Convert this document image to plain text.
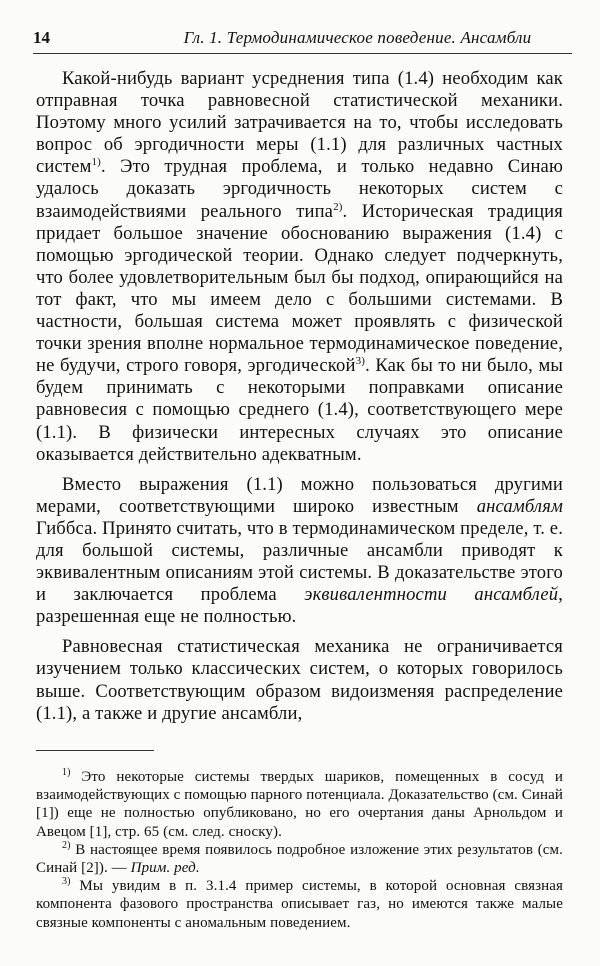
14	Гл. 1. Термодинамическое поведение. Ансамбли

Какой-нибудь вариант усреднения типа (1.4) необходим как отправная точка равновесной статистической механики. Поэтому много усилий затрачивается на то, чтобы исследовать вопрос об эргодичности меры (1.1) для различных частных систем$^{1)}$. Это трудная проблема, и только недавно Синаю удалось доказать эргодичность некоторых систем с взаимодействиями реального типа$^{2)}$. Историческая традиция придает большое значение обоснованию выражения (1.4) с помощью эргодической теории. Однако следует подчеркнуть, что более удовлетворительным был бы подход, опирающийся на тот факт, что мы имеем дело с большими системами. В частности, большая система может проявлять с физической точки зрения вполне нормальное термодинамическое поведение, не будучи, строго говоря, эргодической$^{3)}$. Как бы то ни было, мы будем принимать с некоторыми поправками описание равновесия с помощью среднего (1.4), соответствующего мере (1.1). В физически интересных случаях это описание оказывается действительно адекватным.

Вместо выражения (1.1) можно пользоваться другими мерами, соответствующими широко известным ансамблям Гиббса. Принято считать, что в термодинамическом пределе, т. е. для большой системы, различные ансамбли приводят к эквивалентным описаниям этой системы. В доказательстве этого и заключается проблема эквивалентности ансамблей, разрешенная еще не полностью.

Равновесная статистическая механика не ограничивается изучением только классических систем, о которых говорилось выше. Соответствующим образом видоизменяя распределение (1.1), а также и другие ансамбли,

$^{1)}$ Это некоторые системы твердых шариков, помещенных в сосуд и взаимодействующих с помощью парного потенциала. Доказательство (см. Синай [1]) еще не полностью опубликовано, но его очертания даны Арнольдом и Авецом [1], стр. 65 (см. след. сноску).

$^{2)}$ В настоящее время появилось подробное изложение этих результатов (см. Синай [2]). — Прим. ред.

$^{3)}$ Мы увидим в п. 3.1.4 пример системы, в которой основная связная компонента фазового пространства описывает газ, но имеются также малые связные компоненты с аномальным поведением.
